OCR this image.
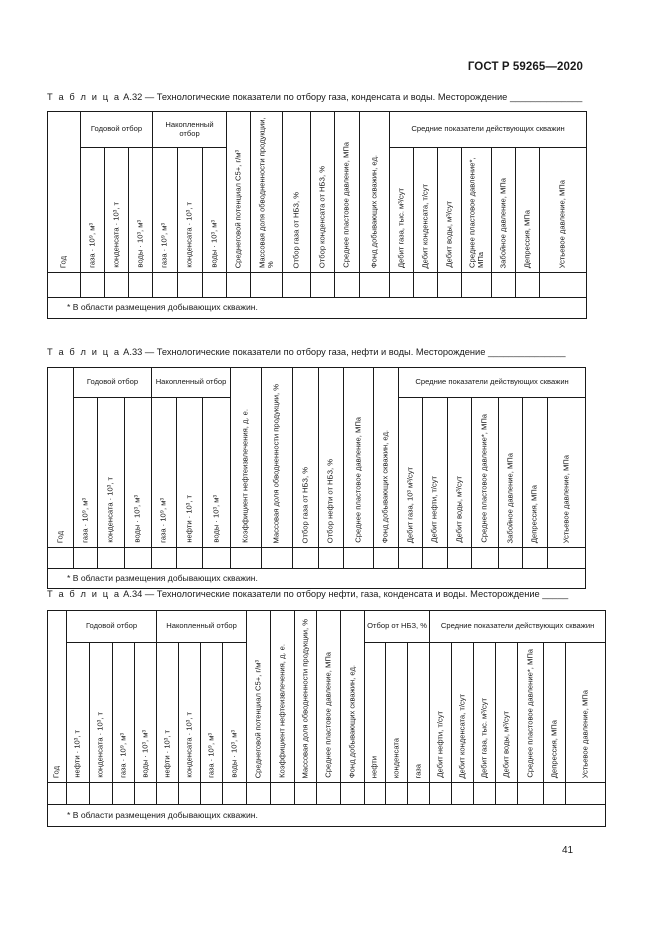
ГОСТ Р 59265—2020
Т а б л и ц а А.32 — Технологические показатели по отбору газа, конденсата и воды. Месторождение ______________
Год	Годовой отбор			Накопленный отбор			Среднеговой потенциал С5+, г/м³	Массовая доля обводненности продукции, %	Отбор газа от НБЗ, %	Отбор конденсата от НБЗ, %	Среднее пластовое давление, МПа	Фонд добывающих скважин, ед.	Средние показатели действующих скважин						

	газа · 10⁹, м³	конденсата · 10³, т	воды · 10³, м³	газа · 10⁹, м³	конденсата · 10³, т	воды · 10³, м³							Дебит газа, тыс. м³/сут	Дебит конденсата, т/сут	Дебит воды, м³/сут	Среднее пластовое давление*, МПа	Забойное давление, МПа	Депрессия, МПа	Устьевое давление, МПа

* В области размещения добывающих скважин.																			
Т а б л и ц а А.33 — Технологические показатели по отбору газа, нефти и воды. Месторождение _______________
Год	Годовой отбор			Накопленный отбор			Коэффициент нефтеизвлечения, д. е.	Массовая доля обводненности продукции, %	Отбор газа от НБЗ, %	Отбор нефти от НБЗ, %	Среднее пластовое давление, МПа	Фонд добывающих скважин, ед.	Средние показатели действующих скважин						

	газа · 10⁹, м³	конденсата · 10³, т	воды · 10³, м³	газа · 10⁹, м³	нефти · 10³, т	воды · 10³, м³							Дебит газа, 10³ м³/сут	Дебит нефти, т/сут	Дебит воды, м³/сут	Среднее пластовое давление*, МПа	Забойное давление, МПа	Депрессия, МПа	Устьевое давление, МПа

* В области размещения добывающих скважин.																			
Т а б л и ц а А.34 — Технологические показатели по отбору нефти, газа, конденсата и воды. Месторождение _____
Год	Годовой отбор				Накопленный отбор				Среднеговой потенциал С5+, г/м³	Коэффициент нефтеизвлечения, д. е.	Массовая доля обводненности продукции, %	Среднее пластовое давление, МПа	Фонд добывающих скважин, ед.	Отбор от НБЗ, %			Средние показатели действующих скважин						

	нефти · 10³, т	конденсата · 10³, т	газа · 10⁹, м³	воды · 10³, м³	нефти · 10³, т	конденсата · 10³, т	газа · 10⁹, м³	воды · 10³, м³						нефти	конденсата	газа	Дебит нефти, т/сут	Дебит конденсата, т/сут	Дебит газа, тыс. м³/сут	Дебит воды, м³/сут	Среднее пластовое давление*, МПа	Депрессия, МПа	Устьевое давление, МПа

* В области размещения добывающих скважин.																							
41
